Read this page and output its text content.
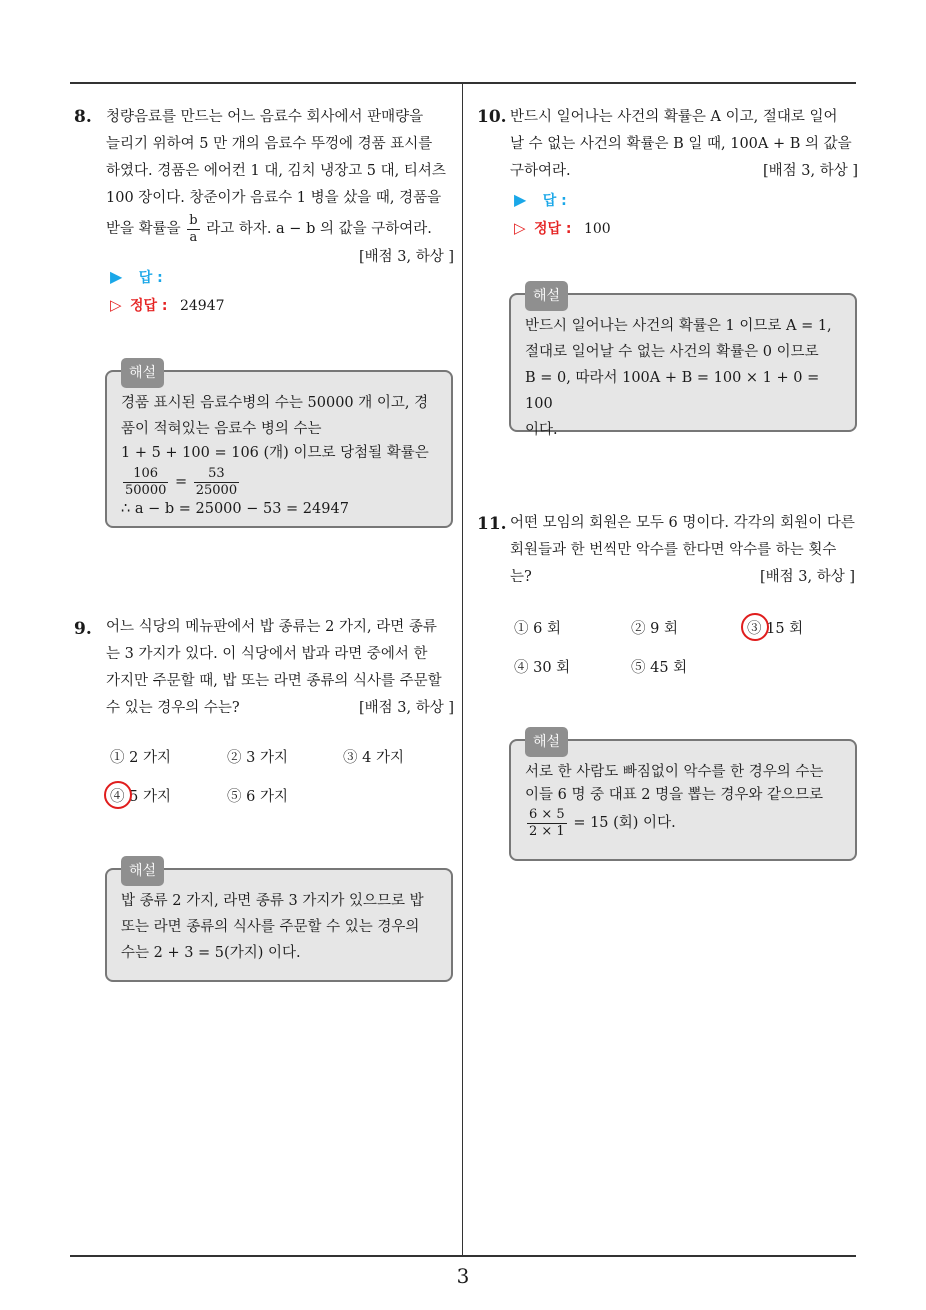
3
8. 청량음료를 만드는 어느 음료수 회사에서 판매량을
늘리기 위하여 5 만 개의 음료수 뚜껑에 경품 표시를
하였다. 경품은 에어컨 1 대, 김치 냉장고 5 대, 티셔츠
100 장이다. 창준이가 음료수 1 병을 샀을 때, 경품을
받을 확률을 $\frac{b}{a}$ 라고 하자. a − b 의 값을 구하여라.
[배점 3, 하상 ]
▶ 답 :
▷ 정답 : 24947
해설
경품 표시된 음료수병의 수는 50000 개 이고, 경
품이 적혀있는 음료수 병의 수는
1 + 5 + 100 = 106 (개) 이므로 당첨될 확률은
$\frac{106}{50000} = \frac{53}{25000}$
∴ a − b = 25000 − 53 = 24947
9. 어느 식당의 메뉴판에서 밥 종류는 2 가지, 라면 종류
는 3 가지가 있다. 이 식당에서 밥과 라면 중에서 한
가지만 주문할 때, 밥 또는 라면 종류의 식사를 주문할
수 있는 경우의 수는?	[배점 3, 하상 ]
① 2 가지	② 3 가지	③ 4 가지
④ 5 가지	⑤ 6 가지
해설
밥 종류 2 가지, 라면 종류 3 가지가 있으므로 밥
또는 라면 종류의 식사를 주문할 수 있는 경우의
수는 2 + 3 = 5(가지) 이다.
10. 반드시 일어나는 사건의 확률은 A 이고, 절대로 일어
날 수 없는 사건의 확률은 B 일 때, 100A + B 의 값을
구하여라.	[배점 3, 하상 ]
▶ 답 :
▷ 정답 : 100
해설
반드시 일어나는 사건의 확률은 1 이므로 A = 1,
절대로 일어날 수 없는 사건의 확률은 0 이므로
B = 0, 따라서 100A + B = 100 × 1 + 0 = 100
이다.
11. 어떤 모임의 회원은 모두 6 명이다. 각각의 회원이 다른
회원들과 한 번씩만 악수를 한다면 악수를 하는 횟수
는?	[배점 3, 하상 ]
① 6 회	② 9 회	③ 15 회
④ 30 회	⑤ 45 회
해설
서로 한 사람도 빠짐없이 악수를 한 경우의 수는
이들 6 명 중 대표 2 명을 뽑는 경우와 같으므로
$\frac{6 \times 5}{2 \times 1} = 15$ (회) 이다.
